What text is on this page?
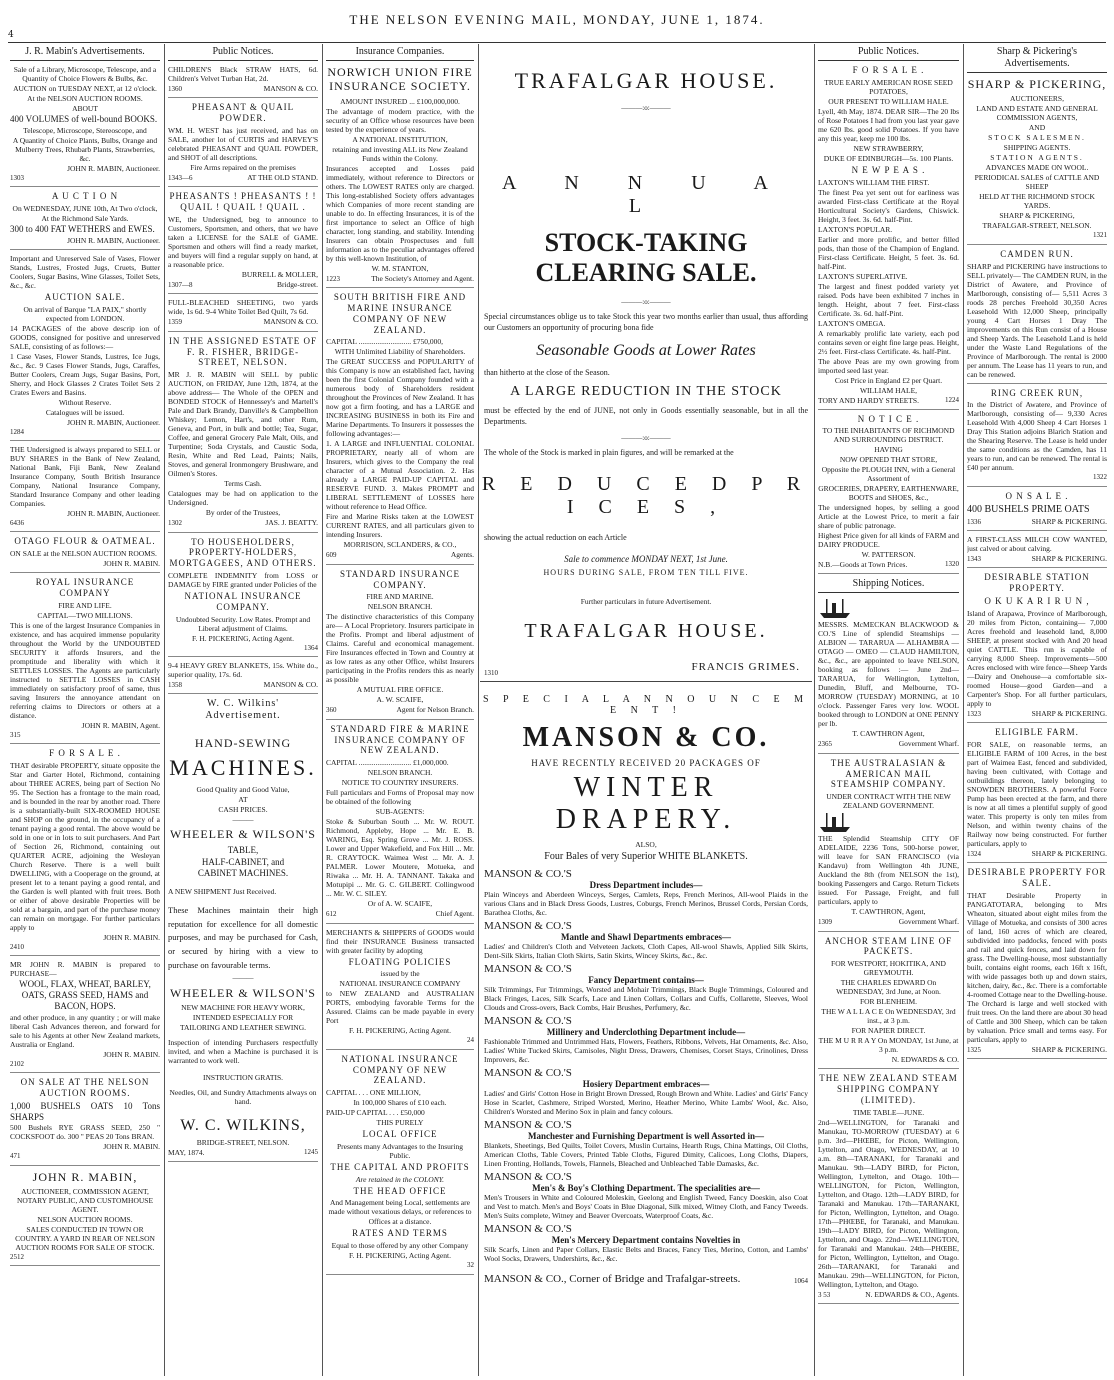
4
THE NELSON EVENING MAIL, MONDAY, JUNE 1, 1874.
J. R. Mabin's Advertisements.

Sale of a Library, Microscope, Telescope, and a Quantity of Choice Flowers & Bulbs, &c.

AUCTION on TUESDAY NEXT, at 12 o'clock.

At the NELSON AUCTION ROOMS.

ABOUT

400 VOLUMES of well-bound BOOKS.

Telescope, Microscope, Stereoscope, and

A Quantity of Choice Plants, Bulbs, Orange and Mulberry Trees, Rhubarb Plants, Strawberries, &c.

JOHN R. MABIN, Auctioneer.

1303

A U C T I O N

On WEDNESDAY, JUNE 10th, At Two o'clock,

At the Richmond Sale Yards.

300 to 400 FAT WETHERS and EWES.

JOHN R. MABIN, Auctioneer.

Important and Unreserved Sale of Vases, Flower Stands, Lustres, Frosted Jugs, Cruets, Butter Coolers, Sugar Basins, Wine Glasses, Toilet Sets, &c., &c.

AUCTION SALE.

On arrival of Barque "LA PAIX," shortly expected from LONDON.

14 PACKAGES of the above descrip ion of GOODS, consigned for positive and unreserved SALE, consisting of as follows:—

1 Case Vases, Flower Stands, Lustres, Ice Jugs, &c., &c. 9 Cases Flower Stands, Jugs, Caraffes, Butter Coolers, Cream Jugs, Sugar Basins, Port, Sherry, and Hock Glasses 2 Crates Toilet Sets 2 Crates Ewers and Basins.

Without Reserve.

Catalogues will be issued.

JOHN R. MABIN, Auctioneer.

1284

THE Undersigned is always prepared to SELL or BUY SHARES in the Bank of New Zealand, National Bank, Fiji Bank, New Zealand Insurance Company, South British Insurance Company, National Insurance Company, Standard Insurance Company and other leading Companies.

JOHN R. MABIN, Auctioneer.

6436

OTAGO FLOUR & OATMEAL.

ON SALE at the NELSON AUCTION ROOMS.

JOHN R. MABIN.

ROYAL INSURANCE COMPANY

FIRE AND LIFE.

CAPITAL—TWO MILLIONS.

This is one of the largest Insurance Companies in existence, and has acquired immense popularity throughout the World by the UNDOUBTED SECURITY it affords Insurers, and the promptitude and liberality with which it SETTLES LOSSES. The Agents are particularly instructed to SETTLE LOSSES in CASH immediately on satisfactory proof of same, thus saving Insurers the annoyance attendant on referring claims to Directors or others at a distance.

JOHN R. MABIN, Agent.

315

F O R S A L E .

THAT desirable PROPERTY, situate opposite the Star and Garter Hotel, Richmond, containing about THREE ACRES, being part of Section No 95. The Section has a frontage to the main road, and is bounded in the rear by another road. There is a substantially-built SIX-ROOMED HOUSE and SHOP on the ground, in the occupancy of a tenant paying a good rental. The above would be sold in one or in lots to suit purchasers. And Part of Section 26, Richmond, containing out QUARTER ACRE, adjoining the Wesleyan Church Reserve. There is a well built DWELLING, with a Cooperage on the ground, at present let to a tenant paying a good rental, and the Garden is well planted with fruit trees. Both or either of above desirable Properties will be sold at a bargain, and part of the purchase money can remain on mortgage. For further particulars apply to

JOHN R. MABIN.

2410

MR JOHN R. MABIN is prepared to PURCHASE—

WOOL, FLAX, WHEAT, BARLEY, OATS, GRASS SEED, HAMS and BACON, HOPS.

and other produce, in any quantity ; or will make liberal Cash Advances thereon, and forward for sale to his Agents at other New Zealand markets, Australia or England.

JOHN R. MABIN.

2102

ON SALE AT THE NELSON AUCTION ROOMS.

1,000 BUSHELS OATS 10 Tons SHARPS

500 Bushels RYE GRASS SEED, 250 " COCKSFOOT do. 300 " PEAS 20 Tons BRAN.

JOHN R. MABIN.

471

JOHN R. MABIN,

AUCTIONEER, COMMISSION AGENT, NOTARY PUBLIC, AND CUSTOMHOUSE AGENT.

NELSON AUCTION ROOMS.

SALES CONDUCTED IN TOWN OR COUNTRY. A YARD IN REAR OF NELSON AUCTION ROOMS FOR SALE OF STOCK.

2512

Public Notices.

CHILDREN'S Black STRAW HATS, 6d. Children's Velvet Turban Hat, 2d.

1360	MANSON & CO.

PHEASANT & QUAIL POWDER.

WM. H. WEST has just received, and has on SALE, another lot of CURTIS and HARVEY'S celebrated PHEASANT and QUAIL POWDER, and SHOT of all descriptions.

Fire Arms repaired on the premises

1343—6	AT THE OLD STAND.

PHEASANTS ! PHEASANTS ! ! QUAIL ! QUAIL ! QUAIL .

WE, the Undersigned, beg to announce to Customers, Sportsmen, and others, that we have taken a LICENSE for the SALE of GAME. Sportsmen and others will find a ready market, and buyers will find a regular supply on hand, at a reasonable price.

BURRELL & MOLLER,

1307—8	Bridge-street.

FULL-BLEACHED SHEETING, two yards wide, 1s 6d. 9-4 White Toilet Bed Quilt, 7s 6d.

1359	MANSON & CO.

IN THE ASSIGNED ESTATE OF F. R. FISHER, BRIDGE-STREET, NELSON.

MR J. R. MABIN will SELL by public AUCTION, on FRIDAY, June 12th, 1874, at the above address— The Whole of the OPEN and BONDED STOCK of Hennessey's and Martell's Pale and Dark Brandy, Danville's & Campbellton Whiskey; Lemon, Hart's, and other Rum, Geneva, and Port, in bulk and bottle; Tea, Sugar, Coffee, and general Grocery Pale Malt, Oils, and Turpentine; Soda Crystals, and Caustic Soda, Resin, White and Red Lead, Paints; Nails, Stoves, and general Ironmongery Brushware, and Oilmen's Stores.

Terms Cash.

Catalogues may be had on application to the Undersigned.

By order of the Trustees,

1302	JAS. J. BEATTY.

TO HOUSEHOLDERS, PROPERTY-HOLDERS, MORTGAGEES, AND OTHERS.

COMPLETE INDEMNITY from LOSS or DAMAGE by FIRE granted under Policies of the

NATIONAL INSURANCE COMPANY.

Undoubted Security. Low Rates. Prompt and Liberal adjustment of Claims.

F. H. PICKERING, Acting Agent.

1364

9-4 HEAVY GREY BLANKETS, 15s. White do., superior quality, 17s. 6d.

1358	MANSON & CO.

W. C. Wilkins' Advertisement.
HAND-SEWING
MACHINES.

Good Quality and Good Value,

AT

CASH PRICES.

———
WHEELER & WILSON'S

TABLE,

HALF-CABINET, and

CABINET MACHINES.

A NEW SHIPMENT Just Received.

These Machines maintain their high reputation for excellence for all domestic purposes, and may be purchased for Cash, or secured by hiring with a view to purchase on favourable terms.

———
WHEELER & WILSON'S

NEW MACHINE FOR HEAVY WORK,

INTENDED ESPECIALLY FOR

TAILORING AND LEATHER SEWING.

Inspection of intending Purchasers respectfully invited, and when a Machine is purchased it is warranted to work well.

INSTRUCTION GRATIS.

Needles, Oil, and Sundry Attachments always on hand.

W. C. WILKINS,

BRIDGE-STREET, NELSON.

MAY, 1874.	1245

Insurance Companies.
NORWICH UNION FIRE INSURANCE SOCIETY.

AMOUNT INSURED ... £100,000,000.

The advantage of modern practice, with the security of an Office whose resources have been tested by the experience of years.

A NATIONAL INSTITUTION,

retaining and investing ALL its New Zealand Funds within the Colony.

Insurances accepted and Losses paid immediately, without reference to Directors or others. The LOWEST RATES only are charged. This long-established Society offers advantages which Companies of more recent standing are unable to do. In effecting Insurances, it is of the first importance to select an Office of high character, long standing, and stability. Intending Insurers can obtain Prospectuses and full information as to the peculiar advantages offered by this well-known Institution, of

W. M. STANTON,

1223	The Society's Attorney and Agent.

SOUTH BRITISH FIRE AND MARINE INSURANCE COMPANY OF NEW ZEALAND.

CAPITAL ............................ £750,000,

WITH Unlimited Liability of Shareholders.

The GREAT SUCCESS and POPULARITY of this Company is now an established fact, having been the first Colonial Company founded with a numerous body of Shareholders resident throughout the Provinces of New Zealand. It has now got a firm footing, and has a LARGE and INCREASING BUSINESS in both its Fire and Marine Departments. To Insurers it possesses the following advantages:—

1. A LARGE and INFLUENTIAL COLONIAL PROPRIETARY, nearly all of whom are Insurers, which gives to the Company the real character of a Mutual Association. 2. Has already a LARGE PAID-UP CAPITAL and RESERVE FUND. 3. Makes PROMPT and LIBERAL SETTLEMENT of LOSSES here without reference to Head Office.

Fire and Marine Risks taken at the LOWEST CURRENT RATES, and all particulars given to intending Insurers.

MORRISON, SCLANDERS, & CO.,

609	Agents.

STANDARD INSURANCE COMPANY.

FIRE AND MARINE.

NELSON BRANCH.

The distinctive characteristics of this Company are— A Local Proprietory. Insurers participate in the Profits. Prompt and liberal adjustment of Claims. Careful and economical management. Fire Insurances effected in Town and Country at as low rates as any other Office, whilst Insurers participating in the Profits renders this as nearly as possible

A MUTUAL FIRE OFFICE.

A. W. SCAIFE,

360	Agent for Nelson Branch.

STANDARD FIRE & MARINE INSURANCE COMPANY OF NEW ZEALAND.

CAPITAL ............................ £1,000,000.

NELSON BRANCH.

NOTICE TO COUNTRY INSURERS.

Full particulars and Forms of Proposal may now be obtained of the following

SUB-AGENTS:

Stoke & Suburban South ... Mr. W. ROUT. Richmond, Appleby, Hope ... Mr. E. B. WARING, Esq. Spring Grove ... Mr. J. ROSS. Lower and Upper Wakefield, and Fox Hill ... Mr. R. CRAYTOCK. Waimea West ... Mr. A. J. PALMER. Lower Moutere, Motueka, and Riwaka ... Mr. H. A. TANNANT. Takaka and Motupipi ... Mr. G. C. GILBERT. Collingwood ... Mr. W. C. SILEY.

Or of A. W. SCAIFE,

612	Chief Agent.

MERCHANTS & SHIPPERS of GOODS would find their INSURANCE Business transacted with greater facility by adopting

FLOATING POLICIES

issued by the

NATIONAL INSURANCE COMPANY

to NEW ZEALAND and AUSTRALIAN PORTS, embodying favorable Terms for the Assured. Claims can be made payable in every Port

F. H. PICKERING, Acting Agent.

24

NATIONAL INSURANCE COMPANY OF NEW ZEALAND.

CAPITAL . . . ONE MILLION,

In 100,000 Shares of £10 each.

PAID-UP CAPITAL . . . £50,000

THIS PURELY

LOCAL OFFICE

Presents many Advantages to the Insuring Public.

THE CAPITAL AND PROFITS

Are retained in the COLONY.

THE HEAD OFFICE

And Management being Local, settlements are made without vexatious delays, or references to

Offices at a distance.

RATES AND TERMS

Equal to those offered by any other Company

F. H. PICKERING, Acting Agent.

32

TRAFALGAR HOUSE.
———:o:———
A N N U A L
STOCK-TAKING CLEARING SALE.
———:o:———

Special circumstances oblige us to take Stock this year two months earlier than usual, thus affording our Customers an opportunity of procuring bona fide

Seasonable Goods at Lower Rates

than hitherto at the close of the Season.

A LARGE REDUCTION IN THE STOCK

must be effected by the end of JUNE, not only in Goods essentially seasonable, but in all the Departments.

———:o:———

The whole of the Stock is marked in plain figures, and will be remarked at the

R E D U C E D P R I C E S ,

showing the actual reduction on each Article

Sale to commence MONDAY NEXT, 1st June.
HOURS DURING SALE, FROM TEN TILL FIVE.
Further particulars in future Advertisement.
TRAFALGAR HOUSE.
1310	FRANCIS GRIMES.
S P E C I A L A N N O U N C E M E N T !
MANSON & CO.
HAVE RECENTLY RECEIVED 20 PACKAGES OF
WINTER DRAPERY.
ALSO,
Four Bales of very Superior WHITE BLANKETS.
MANSON & CO.'S
Dress Department includes—
Plain Winceys and Aberdeen Winceys, Serges, Camlets, Reps, French Merinos, All-wool Plaids in the various Clans and in Black Dress Goods, Lustres, Coburgs, French Merinos, Brussel Cords, Persian Cords, Barathea Cloths, &c.
MANSON & CO.'S
Mantle and Shawl Departments embraces—
Ladies' and Children's Cloth and Velveteen Jackets, Cloth Capes, All-wool Shawls, Applied Silk Skirts, Dent-Silk Skirts, Italian Cloth Skirts, Satin Skirts, Wincey Skirts, &c., &c.
MANSON & CO.'S
Fancy Department contains—
Silk Trimmings, Fur Trimmings, Worsted and Mohair Trimmings, Black Bugle Trimmings, Coloured and Black Fringes, Laces, Silk Scarfs, Lace and Linen Collars, Collars and Cuffs, Collarette, Sleeves, Wool Clouds and Cross-overs, Back Combs, Hair Brushes, Perfumery, &c.
MANSON & CO.'S
Millinery and Underclothing Department include—
Fashionable Trimmed and Untrimmed Hats, Flowers, Feathers, Ribbons, Velvets, Hat Ornaments, &c. Also, Ladies' White Tucked Skirts, Camisoles, Night Dress, Drawers, Chemises, Corset Stays, Crinolines, Dress Improvers, &c.
MANSON & CO.'S
Hosiery Department embraces—
Ladies' and Girls' Cotton Hose in Bright Brown Dressed, Rough Brown and White. Ladies' and Girls' Fancy Hose in Scarlet, Cashmere, Striped Worsted, Merino, Heather Merino, White Lambs' Wool, &c. Also, Children's Worsted and Merino Sox in plain and fancy colours.
MANSON & CO.'S
Manchester and Furnishing Department is well Assorted in—
Blankets, Sheetings, Bed Quilts, Toilet Covers, Muslin Curtains, Hearth Rugs, China Mattings, Oil Cloths, American Cloths, Table Covers, Printed Table Cloths, Figured Dimity, Calicoes, Long Cloths, Diapers, Linen Fronting, Hollands, Towels, Flannels, Bleached and Unbleached Table Damasks, &c.
MANSON & CO.'S
Men's & Boy's Clothing Department. The specialities are—
Men's Trousers in White and Coloured Moleskin, Geelong and English Tweed, Fancy Doeskin, also Coat and Vest to match. Men's and Boys' Coats in Blue Diagonal, Silk mixed, Witney Cloth, and Fancy Tweeds. Men's Suits complete, Witney and Beaver Overcoats, Waterproof Coats, &c.
MANSON & CO.'S
Men's Mercery Department contains Novelties in
Silk Scarfs, Linen and Paper Collars, Elastic Belts and Braces, Fancy Ties, Merino, Cotton, and Lambs' Wool Socks, Drawers, Undershirts, &c., &c.
MANSON & CO., Corner of Bridge and Trafalgar-streets.	1064
Public Notices.
F O R S A L E .

TRUE EARLY AMERICAN ROSE SEED POTATOES,

OUR PRESENT TO WILLIAM HALE.

Lyell, 4th May, 1874. DEAR SIR—The 20 lbs of Rose Potatoes I had from you last year gave me 620 lbs. good solid Potatoes. If you have any this year, keep me 100 lbs.

NEW STRAWBERRY,

DUKE OF EDINBURGH—5s. 100 Plants.

N E W P E A S .

LAXTON'S WILLIAM THE FIRST.

The finest Pea yet sent out for earliness was awarded First-class Certificate at the Royal Horticultural Society's Gardens, Chiswick. Height, 3 feet. 3s. 6d. half-Pint.

LAXTON'S POPULAR.

Earlier and more prolific, and better filled pods, than those of the Champion of England. First-class Certificate. Height, 5 feet. 3s. 6d. half-Pint.

LAXTON'S SUPERLATIVE.

The largest and finest podded variety yet raised. Pods have been exhibited 7 inches in length. Height, about 7 feet. First-class Certificate. 3s. 6d. half-Pint.

LAXTON'S OMEGA.

A remarkably prolific late variety, each pod contains seven or eight fine large peas. Height, 2½ feet. First-class Certificate. 4s. half-Pint.

The above Peas are my own growing from imported seed last year.

Cost Price in England £2 per Quart.

WILLIAM HALE,

TORY AND HARDY STREETS.	1224

N O T I C E .

TO THE INHABITANTS OF RICHMOND AND SURROUNDING DISTRICT.

HAVING

NOW OPENED THAT STORE,

Opposite the PLOUGH INN, with a General Assortment of

GROCERIES, DRAPERY, EARTHENWARE, BOOTS and SHOES, &c.,

The undersigned hopes, by selling a good Article at the Lowest Price, to merit a fair share of public patronage.

Highest Price given for all kinds of FARM and DAIRY PRODUCE.

W. PATTERSON.

N.B.—Goods at Town Prices.	1320

Shipping Notices.

MESSRS. McMECKAN BLACKWOOD & CO.'S Line of splendid Steamships — ALBION — TARARUA — ALHAMBRA — OTAGO — OMEO — CLAUD HAMILTON, &c., &c., are appointed to leave NELSON, booking as follows :— June 2nd—TARARUA, for Wellington, Lyttelton, Dunedin, Bluff, and Melbourne, TO-MORROW (TUESDAY) MORNING, at 10 o'clock. Passenger Fares very low. WOOL booked through to LONDON at ONE PENNY per lb.

T. CAWTHRON Agent,

2365	Government Wharf.

THE AUSTRALASIAN & AMERICAN MAIL STEAMSHIP COMPANY.

UNDER CONTRACT WITH THE NEW ZEALAND GOVERNMENT.

THE Splendid Steamship CITY OF ADELAIDE, 2236 Tons, 500-horse power, will leave for SAN FRANCISCO (via Kandavu) from Wellington 4th JUNE, Auckland the 8th (from NELSON the 1st), booking Passengers and Cargo. Return Tickets issued. For Passage, Freight, and full particulars, apply to

T. CAWTHRON, Agent,

1309	Government Wharf.

ANCHOR STEAM LINE OF PACKETS.

FOR WESTPORT, HOKITIKA, AND GREYMOUTH.

THE CHARLES EDWARD On WEDNESDAY, 3rd June, at Noon.

FOR BLENHEIM.

THE W A L L A C E On WEDNESDAY, 3rd inst., at 3 p.m.

FOR NAPIER DIRECT.

THE M U R R A Y On MONDAY, 1st June, at 3 p.m.

N. EDWARDS & CO.

THE NEW ZEALAND STEAM SHIPPING COMPANY (LIMITED).

TIME TABLE—JUNE.

2nd—WELLINGTON, for Taranaki and Manukau, TO-MORROW (TUESDAY) at 6 p.m. 3rd—PHŒBE, for Picton, Wellington, Lyttelton, and Otago, WEDNESDAY, at 10 a.m. 8th—TARANAKI, for Taranaki and Manukau. 9th—LADY BIRD, for Picton, Wellington, Lyttelton, and Otago. 10th—WELLINGTON, for Picton, Wellington, Lyttelton, and Otago. 12th—LADY BIRD, for Taranaki and Manukau. 17th—TARANAKI, for Picton, Wellington, Lyttelton, and Otago. 17th—PHŒBE, for Taranaki, and Manukau. 19th—LADY BIRD, for Picton, Wellington, Lyttelton, and Otago. 22nd—WELLINGTON, for Taranaki and Manukau. 24th—PHŒBE, for Picton, Wellington, Lyttelton, and Otago. 26th—TARANAKI, for Taranaki and Manukau. 29th—WELLINGTON, for Picton, Wellington, Lyttelton, and Otago.

3 53	N. EDWARDS & CO., Agents.

Sharp & Pickering's Advertisements.
SHARP & PICKERING,

AUCTIONEERS,

LAND AND ESTATE AND GENERAL COMMISSION AGENTS,

AND

STOCK SALESMEN.

SHIPPING AGENTS.

STATION AGENTS.

ADVANCES MADE ON WOOL.

PERIODICAL SALES of CATTLE AND SHEEP

HELD AT THE RICHMOND STOCK YARDS.

SHARP & PICKERING,

TRAFALGAR-STREET, NELSON.

1321

CAMDEN RUN.

SHARP and PICKERING have instructions to SELL privately— The CAMDEN RUN, in the District of Awatere, and Province of Marlborough, consisting of— 5,511 Acres 3 roods 28 perches Freehold 30,350 Acres Leasehold With 12,000 Sheep, principally young 4 Cart Horses 1 Dray The improvements on this Run consist of a House and Sheep Yards. The Leasehold Land is held under the Waste Land Regulations of the Province of Marlborough. The rental is 2000 per annum. The Lease has 11 years to run, and can be renewed.

RING CREEK RUN,

In the District of Awatere, and Province of Marlborough, consisting of— 9,330 Acres Leasehold With 4,000 Sheep 4 Cart Horses 1 Dray This Station adjoins Blarich Station and the Shearing Reserve. The Lease is held under the same conditions as the Camden, has 11 years to run, and can be renewed. The rental is £40 per annum.

1322

O N S A L E .

400 BUSHELS PRIME OATS

1336	SHARP & PICKERING.

A FIRST-CLASS MILCH COW WANTED, just calved or about calving.

1343	SHARP & PICKERING.

DESIRABLE STATION PROPERTY.
O K U K A R I R U N ,

Island of Arapawa, Province of Marlborough, 20 miles from Picton, containing— 7,000 Acres freehold and leasehold land, 8,000 SHEEP, at present stocked with And 20 head quiet CATTLE. This run is capable of carrying 8,000 Sheep. Improvements—500 Acres enclosed with wire fence—Sheep Yards—Dairy and Onehouse—a comfortable six-roomed House—good Garden—and a Carpenter's Shop. For all further particulars, apply to

1323	SHARP & PICKERING.

ELIGIBLE FARM.

FOR SALE, on reasonable terms, an ELIGIBLE FARM of 100 Acres, in the best part of Waimea East, fenced and subdivided, having been cultivated, with Cottage and outbuildings thereon, lately belonging to SNOWDEN BROTHERS. A powerful Force Pump has been erected at the farm, and there is now at all times a plentiful supply of good water. This property is only ten miles from Nelson, and within twenty chains of the Railway now being constructed. For further particulars, apply to

1324	SHARP & PICKERING.

DESIRABLE PROPERTY FOR SALE.

THAT Desirable Property in PANGATOTARA, belonging to Mrs Wheaton, situated about eight miles from the Village of Motueka, and consists of 300 acres of land, 160 acres of which are cleared, subdivided into paddocks, fenced with posts and rail and quick fences, and laid down for grass. The Dwelling-house, most substantially built, contains eight rooms, each 16ft x 16ft, with wide passages both up and down stairs, kitchen, dairy, &c., &c. There is a comfortable 4-roomed Cottage near to the Dwelling-house. The Orchard is large and well stocked with fruit trees. On the land there are about 30 head of Cattle and 300 Sheep, which can be taken by valuation. Price small and terms easy. For particulars, apply to

1325	SHARP & PICKERING.
